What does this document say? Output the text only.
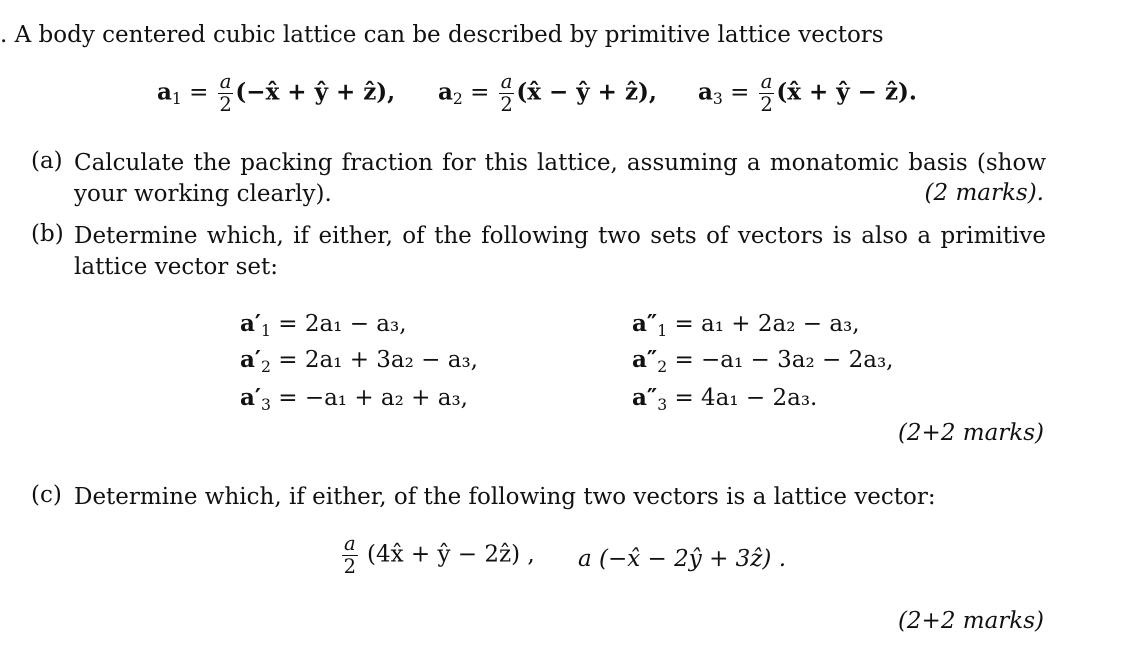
. A body centered cubic lattice can be described by primitive lattice vectors
$a_1 = \frac{a}{2}$ (−x̂ + ŷ + ẑ), $a_2 = \frac{a}{2}$ (x̂ − ŷ + ẑ), $a_3 = \frac{a}{2}$ (x̂ + ŷ − ẑ).
(a) Calculate the packing fraction for this lattice, assuming a monatomic basis (show your working clearly).	(2 marks).
(b) Determine which, if either, of the following two sets of vectors is also a primitive lattice vector set:
$a'_1 = 2a_1 - a_3$,
$a'_2 = 2a_1 + 3a_2 - a_3$,
$a'_3 = -a_1 + a_2 + a_3$,
$a''_1 = a_1 + 2a_2 - a_3$,
$a''_2 = -a_1 - 3a_2 - 2a_3$,
$a''_3 = 4a_1 - 2a_3$.
(2+2 marks)
(c) Determine which, if either, of the following two vectors is a lattice vector:
$\frac{a}{2}$ (4x̂ + ŷ − 2ẑ) , a (−x̂ − 2ŷ + 3ẑ) .
(2+2 marks)
